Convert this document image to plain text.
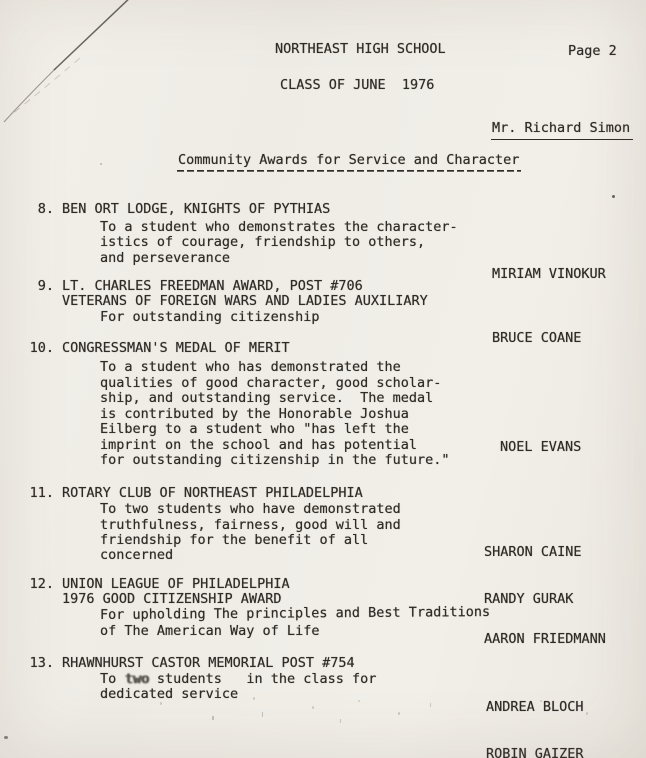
NORTHEAST HIGH SCHOOL	Page 2
CLASS OF JUNE  1976
Mr. Richard Simon
Community Awards for Service and Character
8. BEN ORT LODGE, KNIGHTS OF PYTHIAS
To a student who demonstrates the character-
istics of courage, friendship to others,
and perseverance

MIRIAM VINOKUR

9. LT. CHARLES FREEDMAN AWARD, POST #706
VETERANS OF FOREIGN WARS AND LADIES AUXILIARY
For outstanding citizenship

BRUCE COANE

10. CONGRESSMAN'S MEDAL OF MERIT
To a student who has demonstrated the
qualities of good character, good scholar-
ship, and outstanding service.  The medal
is contributed by the Honorable Joshua
Eilberg to a student who "has left the
imprint on the school and has potential
for outstanding citizenship in the future."

NOEL EVANS

11. ROTARY CLUB OF NORTHEAST PHILADELPHIA
To two students who have demonstrated
truthfulness, fairness, good will and
friendship for the benefit of all
concerned

	SHARON CAINE

RANDY GURAK

12. UNION LEAGUE OF PHILADELPHIA
1976 GOOD CITIZENSHIP AWARD
For upholding The principles and Best Traditions
of The American Way of Life

	AARON FRIEDMANN

13. RHAWNHURST CASTOR MEMORIAL POST #754
To two students   in the class for
dedicated service

ANDREA BLOCH

ROBIN GAIZER
